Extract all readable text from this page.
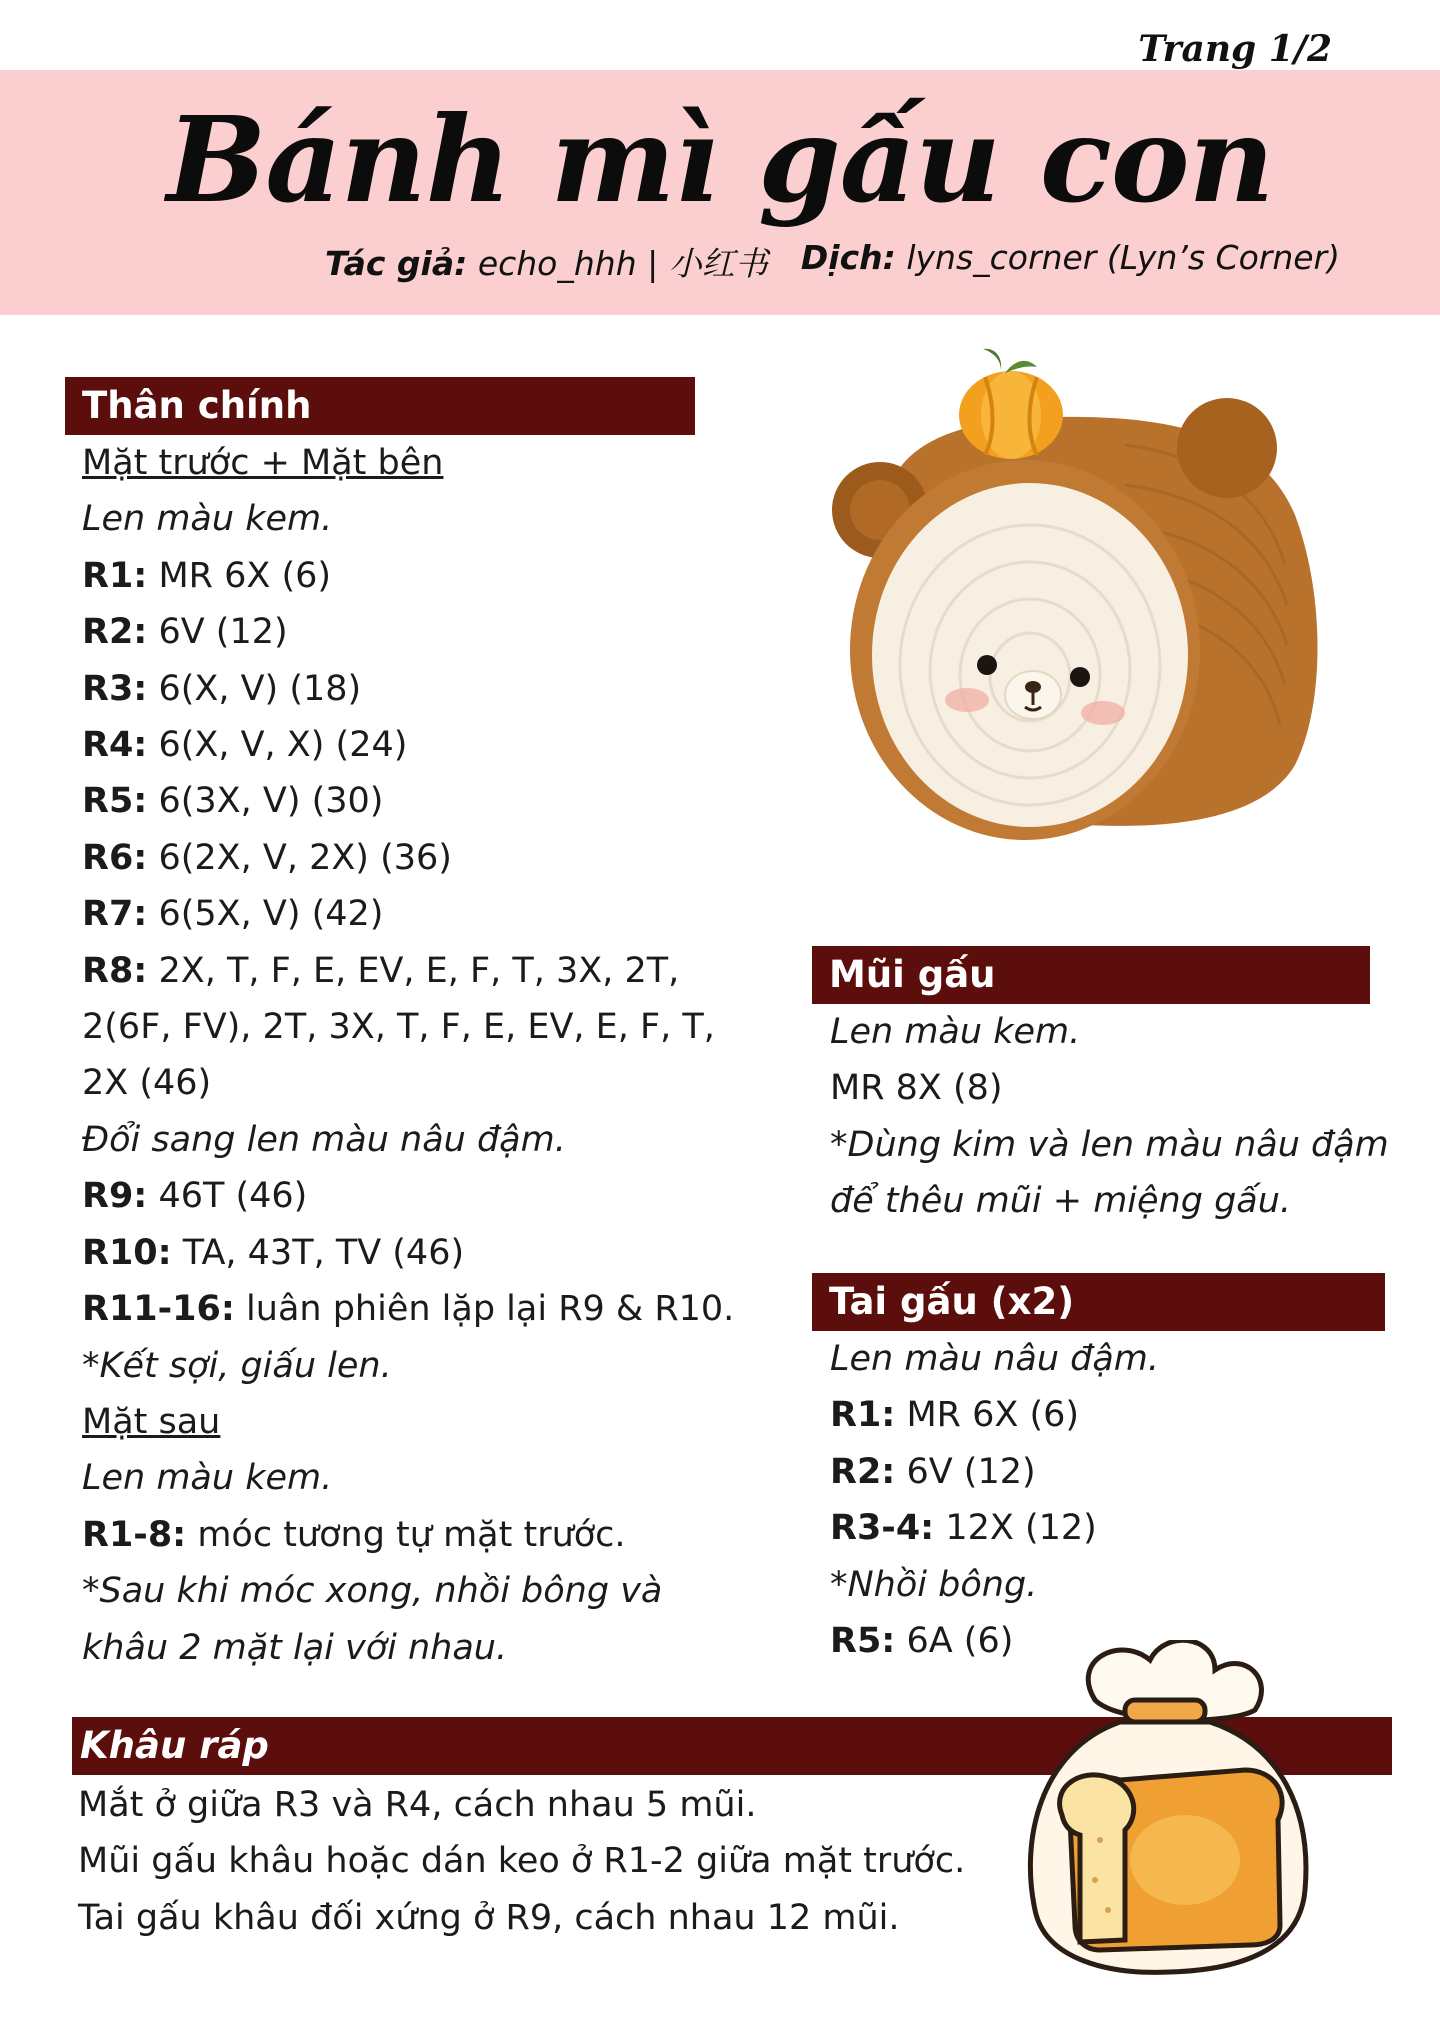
Trang 1/2
Bánh mì gấu con
Tác giả: echo_hhh | 小红书 Dịch: lyns_corner (Lyn’s Corner)
Thân chính
Mặt trước + Mặt bên
Len màu kem.
R1: MR 6X (6)
R2: 6V (12)
R3: 6(X, V) (18)
R4: 6(X, V, X) (24)
R5: 6(3X, V) (30)
R6: 6(2X, V, 2X) (36)
R7: 6(5X, V) (42)
R8: 2X, T, F, E, EV, E, F, T, 3X, 2T,
2(6F, FV), 2T, 3X, T, F, E, EV, E, F, T,
2X (46)
Đổi sang len màu nâu đậm.
R9: 46T (46)
R10: TA, 43T, TV (46)
R11-16: luân phiên lặp lại R9 & R10.
*Kết sợi, giấu len.
Mặt sau
Len màu kem.
R1-8: móc tương tự mặt trước.
*Sau khi móc xong, nhồi bông và
khâu 2 mặt lại với nhau.
Mũi gấu
Len màu kem.
MR 8X (8)
*Dùng kim và len màu nâu đậm
để thêu mũi + miệng gấu.
Tai gấu (x2)
Len màu nâu đậm.
R1: MR 6X (6)
R2: 6V (12)
R3-4: 12X (12)
*Nhồi bông.
R5: 6A (6)
Khâu ráp
Mắt ở giữa R3 và R4, cách nhau 5 mũi.
Mũi gấu khâu hoặc dán keo ở R1-2 giữa mặt trước.
Tai gấu khâu đối xứng ở R9, cách nhau 12 mũi.
